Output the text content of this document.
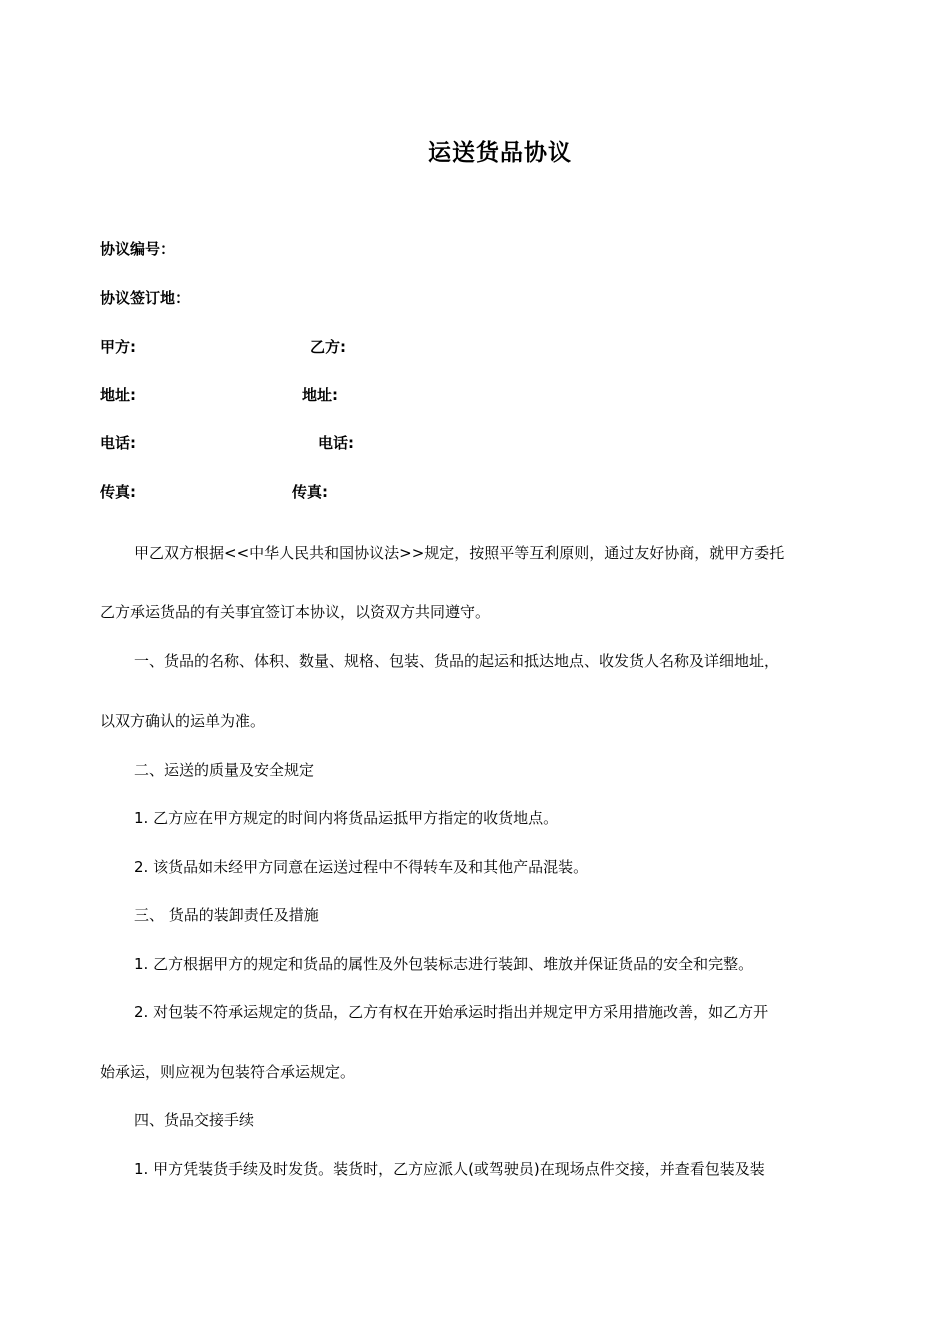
运送货品协议
协议编号：
协议签订地：
甲方:	乙方:
地址:	地址:
电话:	电话:
传真:	传真:
甲乙双方根据<<中华人民共和国协议法>>规定，按照平等互利原则，通过友好协商，就甲方委托
乙方承运货品的有关事宜签订本协议，以资双方共同遵守。
一、货品的名称、体积、数量、规格、包装、货品的起运和抵达地点、收发货人名称及详细地址，
以双方确认的运单为准。
二、运送的质量及安全规定
1. 乙方应在甲方规定的时间内将货品运抵甲方指定的收货地点。
2. 该货品如未经甲方同意在运送过程中不得转车及和其他产品混装。
三、 货品的装卸责任及措施
1. 乙方根据甲方的规定和货品的属性及外包装标志进行装卸、堆放并保证货品的安全和完整。
2. 对包装不符承运规定的货品，乙方有权在开始承运时指出并规定甲方采用措施改善，如乙方开
始承运，则应视为包装符合承运规定。
四、货品交接手续
1. 甲方凭装货手续及时发货。装货时，乙方应派人(或驾驶员)在现场点件交接，并查看包装及装
